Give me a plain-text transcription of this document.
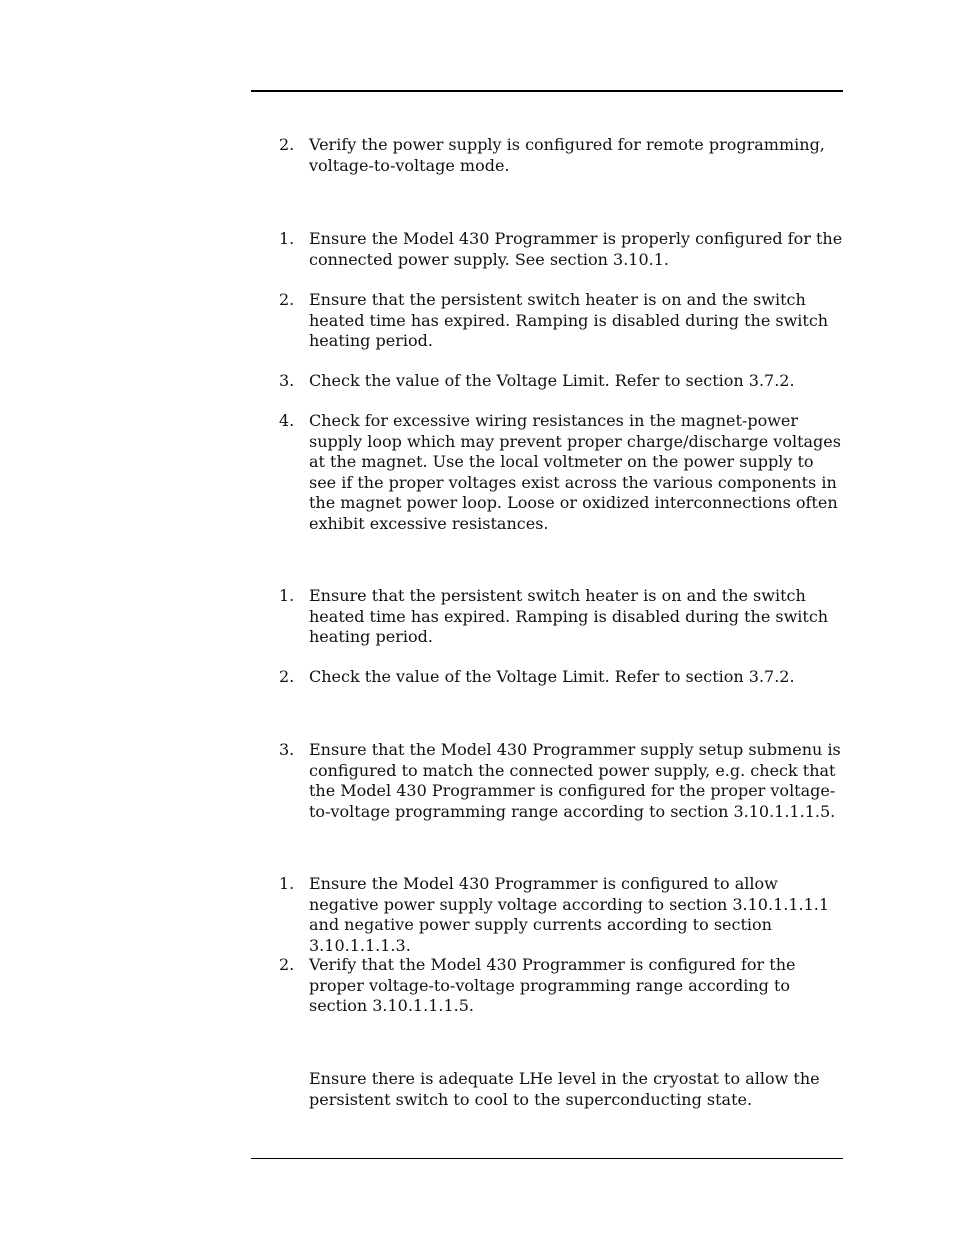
2. Verify the power supply is configured for remote programming, voltage-to-voltage mode.
1. Ensure the Model 430 Programmer is properly configured for the connected power supply. See section 3.10.1.
2. Ensure that the persistent switch heater is on and the switch heated time has expired. Ramping is disabled during the switch heating period.
3. Check the value of the Voltage Limit. Refer to section 3.7.2.
4. Check for excessive wiring resistances in the magnet-power supply loop which may prevent proper charge/discharge voltages at the magnet. Use the local voltmeter on the power supply to see if the proper voltages exist across the various components in the magnet power loop. Loose or oxidized interconnections often exhibit excessive resistances.
1. Ensure that the persistent switch heater is on and the switch heated time has expired. Ramping is disabled during the switch heating period.
2. Check the value of the Voltage Limit. Refer to section 3.7.2.
3. Ensure that the Model 430 Programmer supply setup submenu is configured to match the connected power supply, e.g. check that the Model 430 Programmer is configured for the proper voltage-to-voltage programming range according to section 3.10.1.1.1.5.
1. Ensure the Model 430 Programmer is configured to allow negative power supply voltage according to section 3.10.1.1.1.1 and negative power supply currents according to section 3.10.1.1.1.3.
2. Verify that the Model 430 Programmer is configured for the proper voltage-to-voltage programming range according to section 3.10.1.1.1.5.
Ensure there is adequate LHe level in the cryostat to allow the persistent switch to cool to the superconducting state.
